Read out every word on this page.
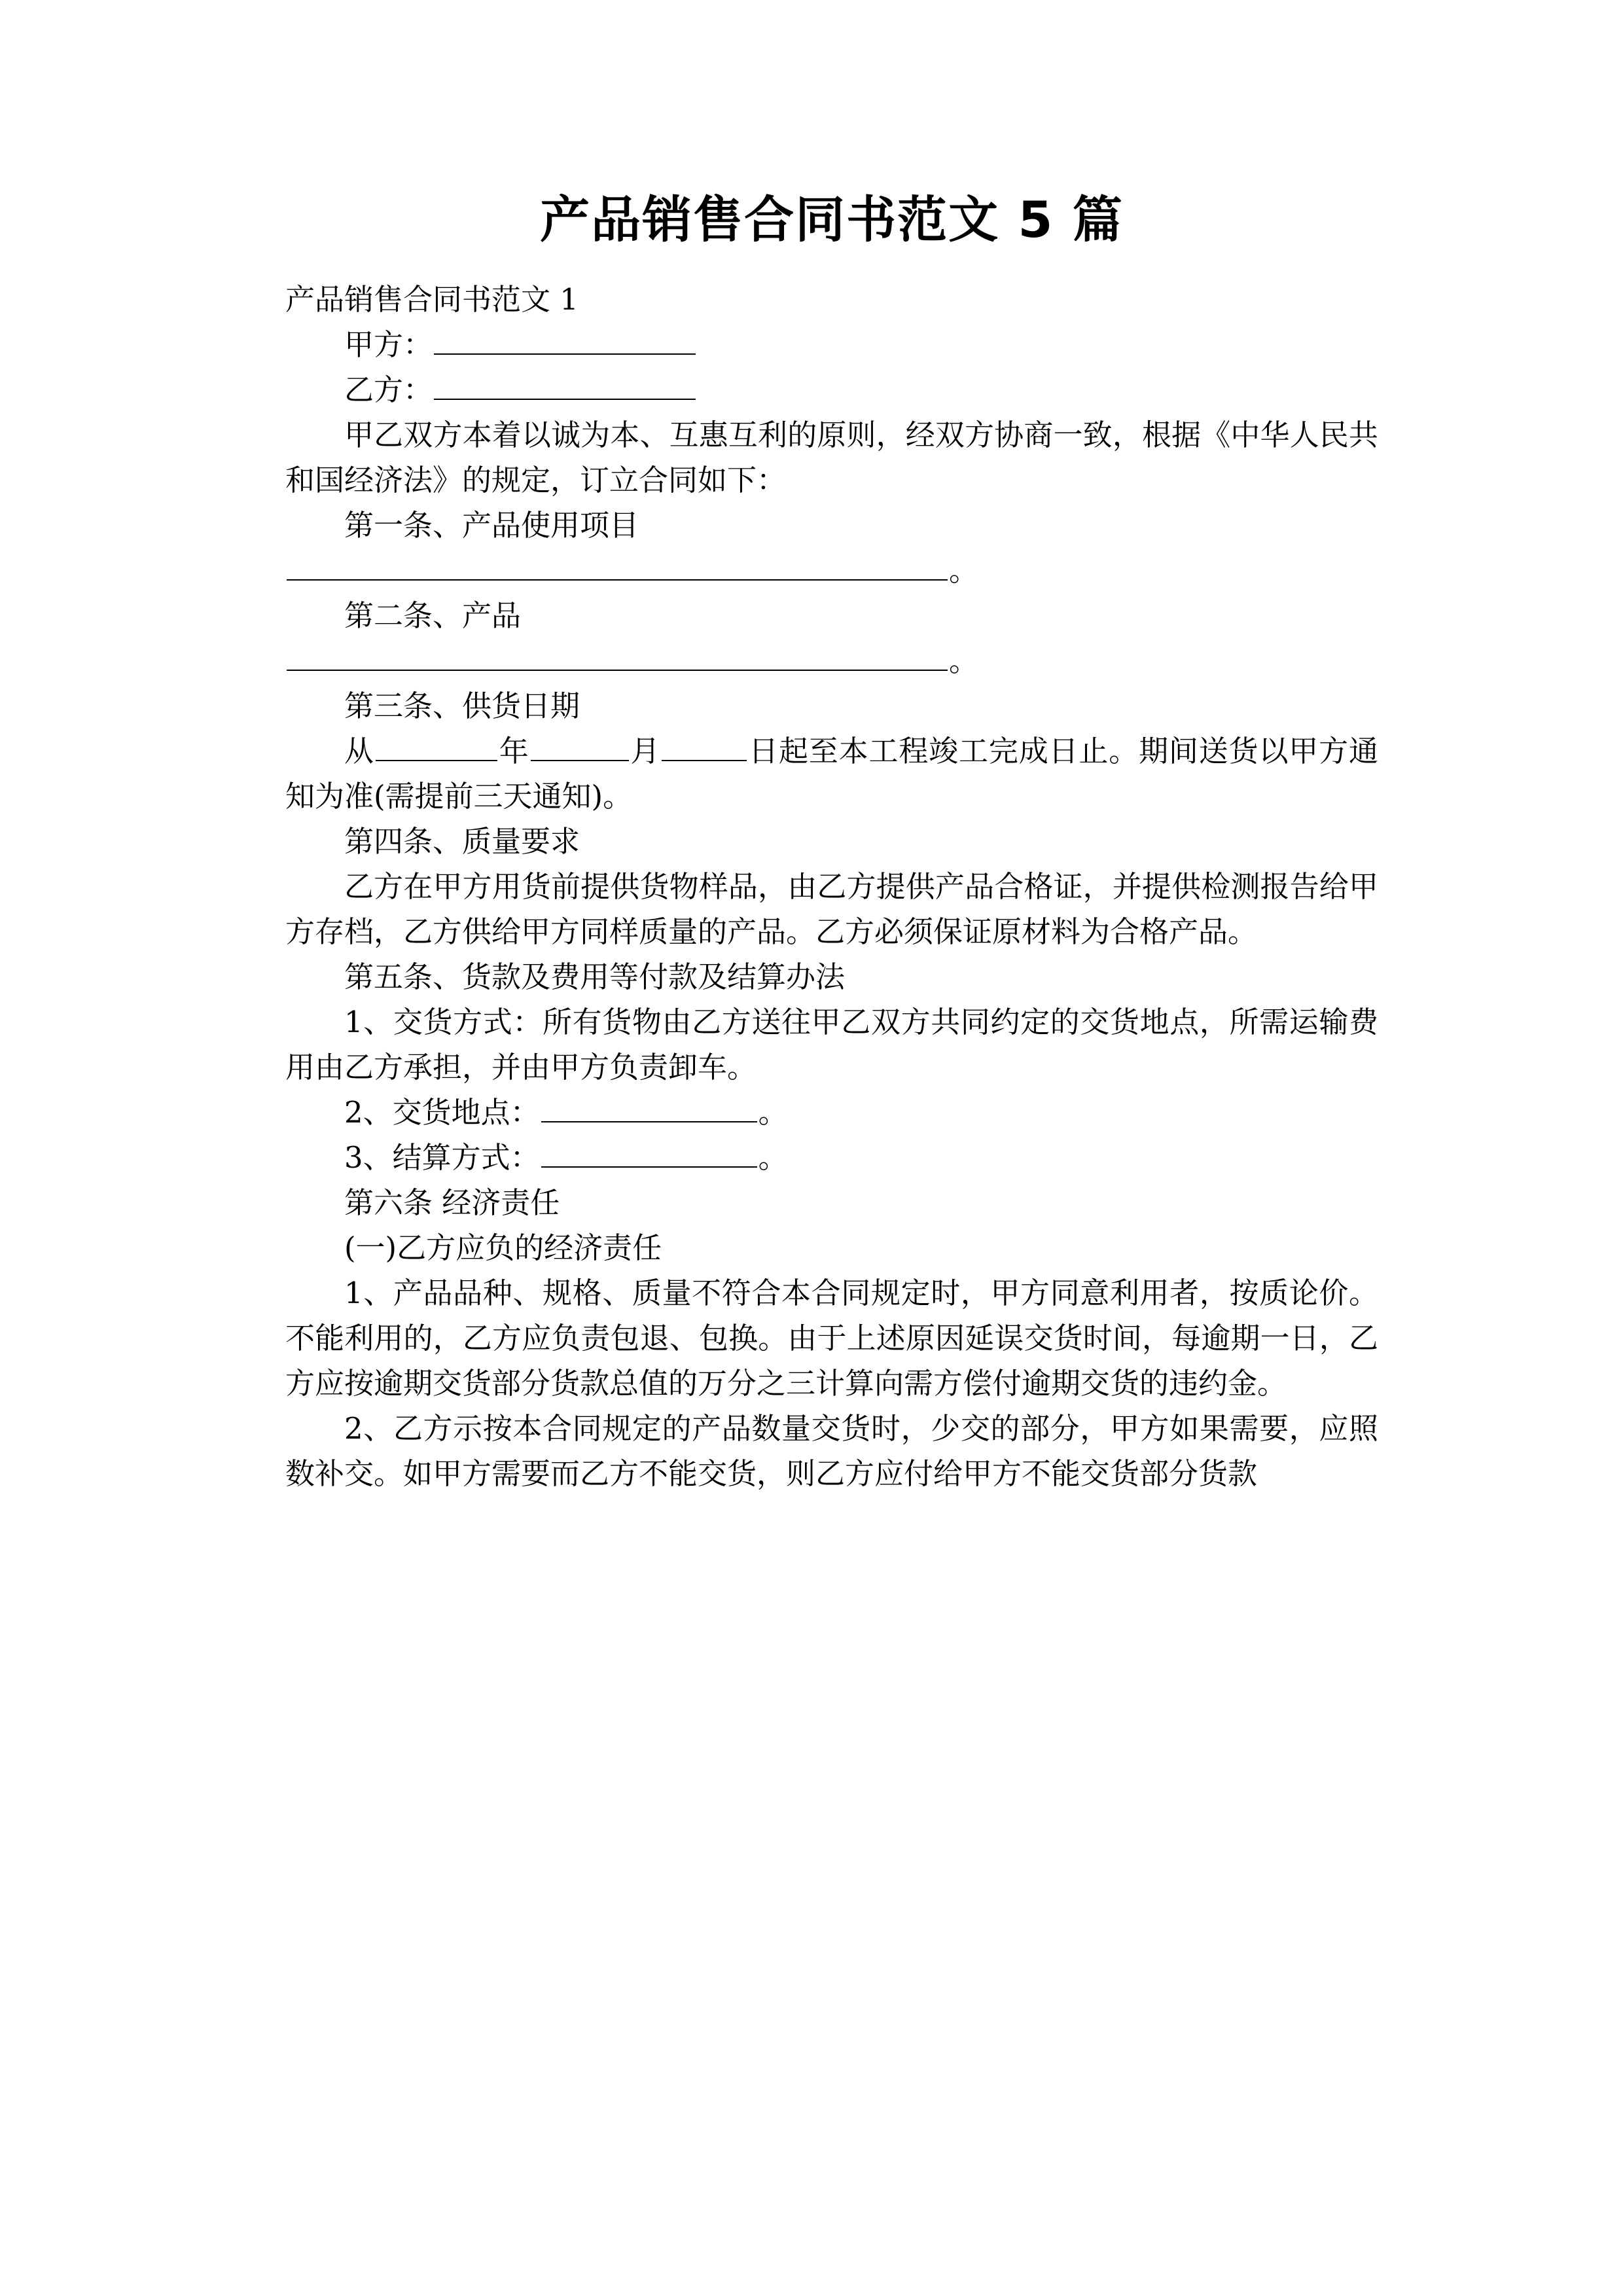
产品销售合同书范文 5 篇

产品销售合同书范文 1

甲方：

乙方：

甲乙双方本着以诚为本、互惠互利的原则，经双方协商一致，根据《中华人民共和国经济法》的规定，订立合同如下：

第一条、产品使用项目

。

第二条、产品

。

第三条、供货日期

从	年	月	日起至本工程竣工完成日止。期间送货以甲方通知为准(需提前三天通知)。

第四条、质量要求

乙方在甲方用货前提供货物样品，由乙方提供产品合格证，并提供检测报告给甲方存档，乙方供给甲方同样质量的产品。乙方必须保证原材料为合格产品。

第五条、货款及费用等付款及结算办法

1、交货方式：所有货物由乙方送往甲乙双方共同约定的交货地点，所需运输费用由乙方承担，并由甲方负责卸车。

2、交货地点：	。

3、结算方式：	。

第六条 经济责任

(一)乙方应负的经济责任

1、产品品种、规格、质量不符合本合同规定时，甲方同意利用者，按质论价。不能利用的，乙方应负责包退、包换。由于上述原因延误交货时间，每逾期一日，乙方应按逾期交货部分货款总值的万分之三计算向需方偿付逾期交货的违约金。

2、乙方示按本合同规定的产品数量交货时，少交的部分，甲方如果需要，应照数补交。如甲方需要而乙方不能交货，则乙方应付给甲方不能交货部分货款
